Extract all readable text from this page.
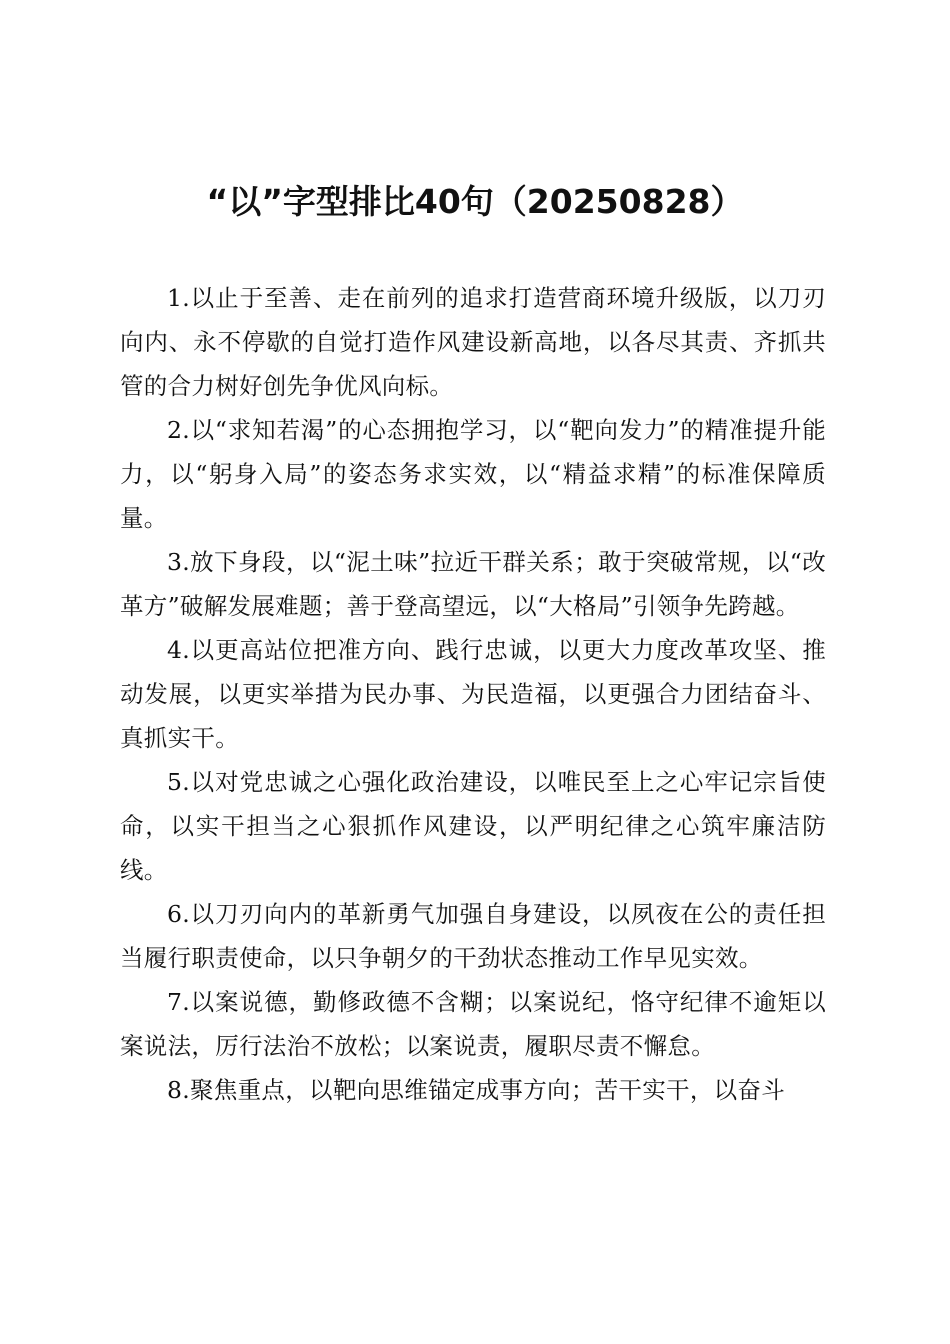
“以”字型排比40句（20250828）

1.以止于至善、走在前列的追求打造营商环境升级版，以刀刃向内、永不停歇的自觉打造作风建设新高地，以各尽其责、齐抓共管的合力树好创先争优风向标。

2.以“求知若渴”的心态拥抱学习，以“靶向发力”的精准提升能力，以“躬身入局”的姿态务求实效，以“精益求精”的标准保障质量。

3.放下身段，以“泥土味”拉近干群关系；敢于突破常规，以“改革方”破解发展难题；善于登高望远，以“大格局”引领争先跨越。

4.以更高站位把准方向、践行忠诚，以更大力度改革攻坚、推动发展，以更实举措为民办事、为民造福，以更强合力团结奋斗、真抓实干。

5.以对党忠诚之心强化政治建设，以唯民至上之心牢记宗旨使命，以实干担当之心狠抓作风建设，以严明纪律之心筑牢廉洁防线。

6.以刀刃向内的革新勇气加强自身建设，以夙夜在公的责任担当履行职责使命，以只争朝夕的干劲状态推动工作早见实效。

7.以案说德，勤修政德不含糊；以案说纪，恪守纪律不逾矩以案说法，厉行法治不放松；以案说责，履职尽责不懈怠。

8.聚焦重点，以靶向思维锚定成事方向；苦干实干，以奋斗
